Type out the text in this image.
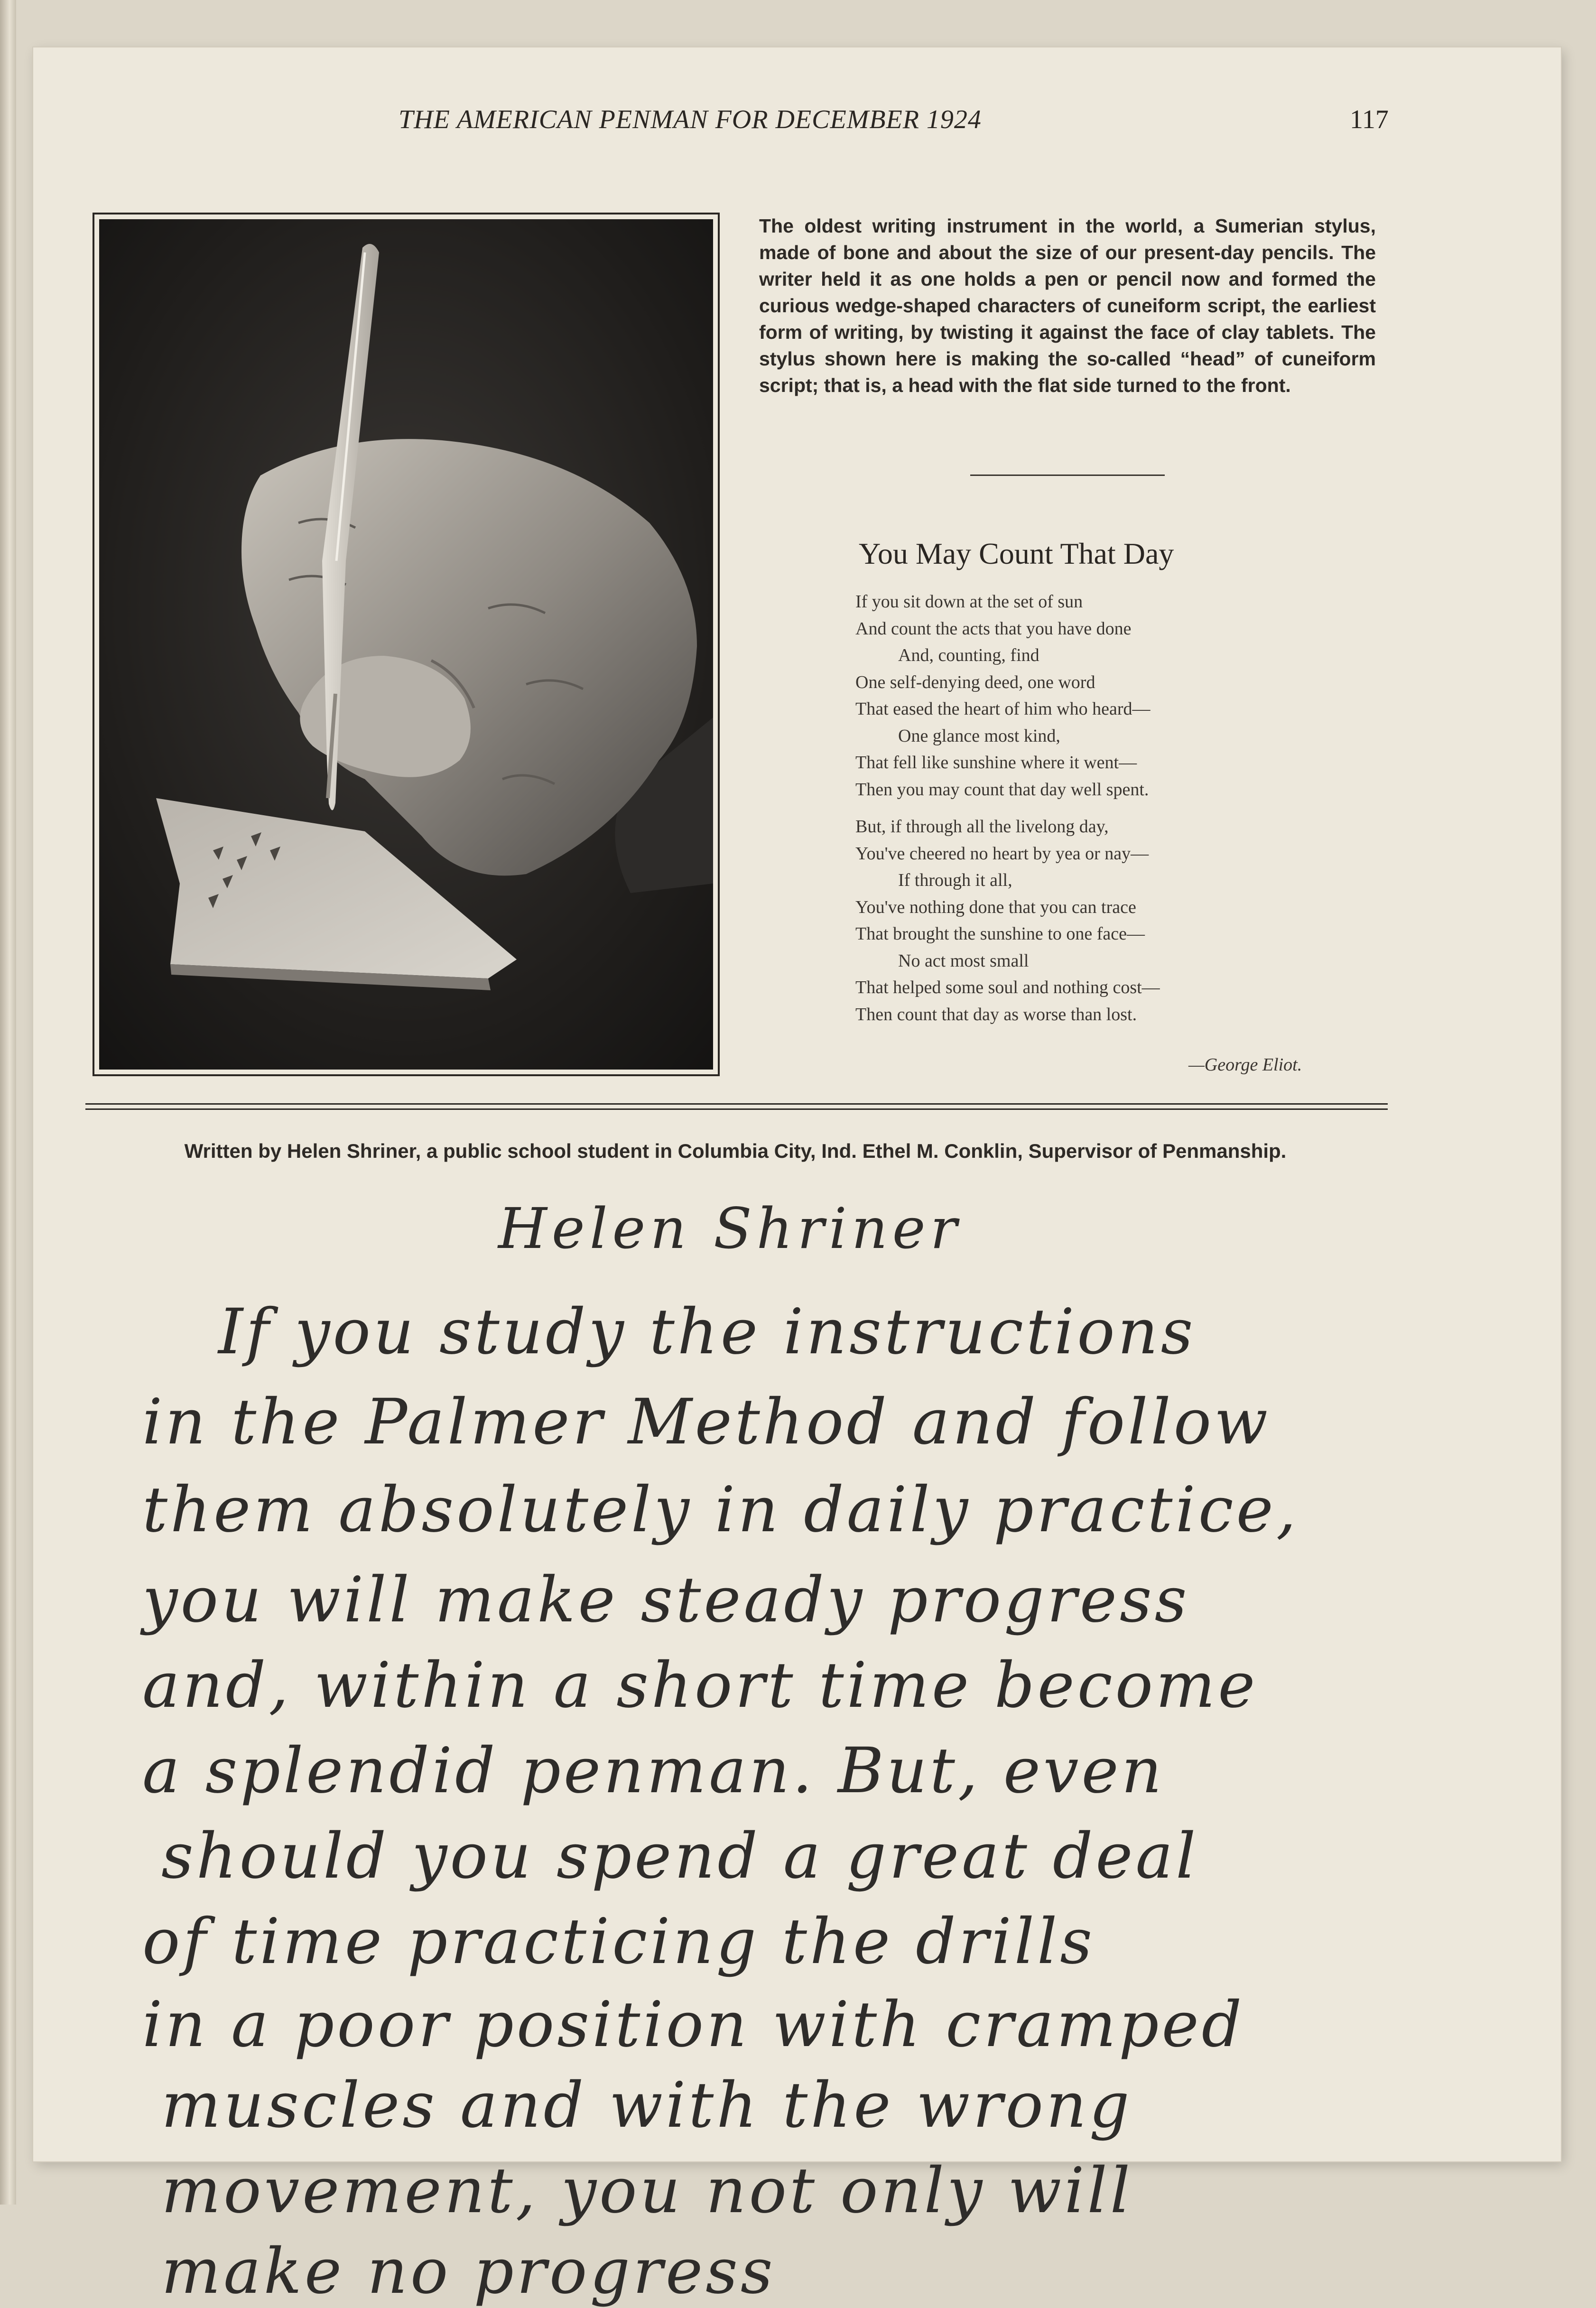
THE AMERICAN PENMAN FOR DECEMBER 1924	117
The oldest writing instrument in the world, a Sumerian stylus, made of bone and about the size of our present-day pencils. The writer held it as one holds a pen or pencil now and formed the curious wedge-shaped characters of cuneiform script, the earliest form of writing, by twisting it against the face of clay tablets. The stylus shown here is making the so-called “head” of cuneiform script; that is, a head with the flat side turned to the front.
You May Count That Day
If you sit down at the set of sun
And count the acts that you have done
And, counting, find
One self-denying deed, one word
That eased the heart of him who heard—
One glance most kind,
That fell like sunshine where it went—
Then you may count that day well spent.
But, if through all the livelong day,
You've cheered no heart by yea or nay—
If through it all,
You've nothing done that you can trace
That brought the sunshine to one face—
No act most small
That helped some soul and nothing cost—
Then count that day as worse than lost.
—George Eliot.
Written by Helen Shriner, a public school student in Columbia City, Ind. Ethel M. Conklin, Supervisor of Penmanship.
Helen Shriner
If you study the instructions
in the Palmer Method and follow
them absolutely in daily practice,
you will make steady progress
and, within a short time become
a splendid penman. But, even
should you spend a great deal
of time practicing the drills
in a poor position with cramped
muscles and with the wrong
movement, you not only will
make no progress
